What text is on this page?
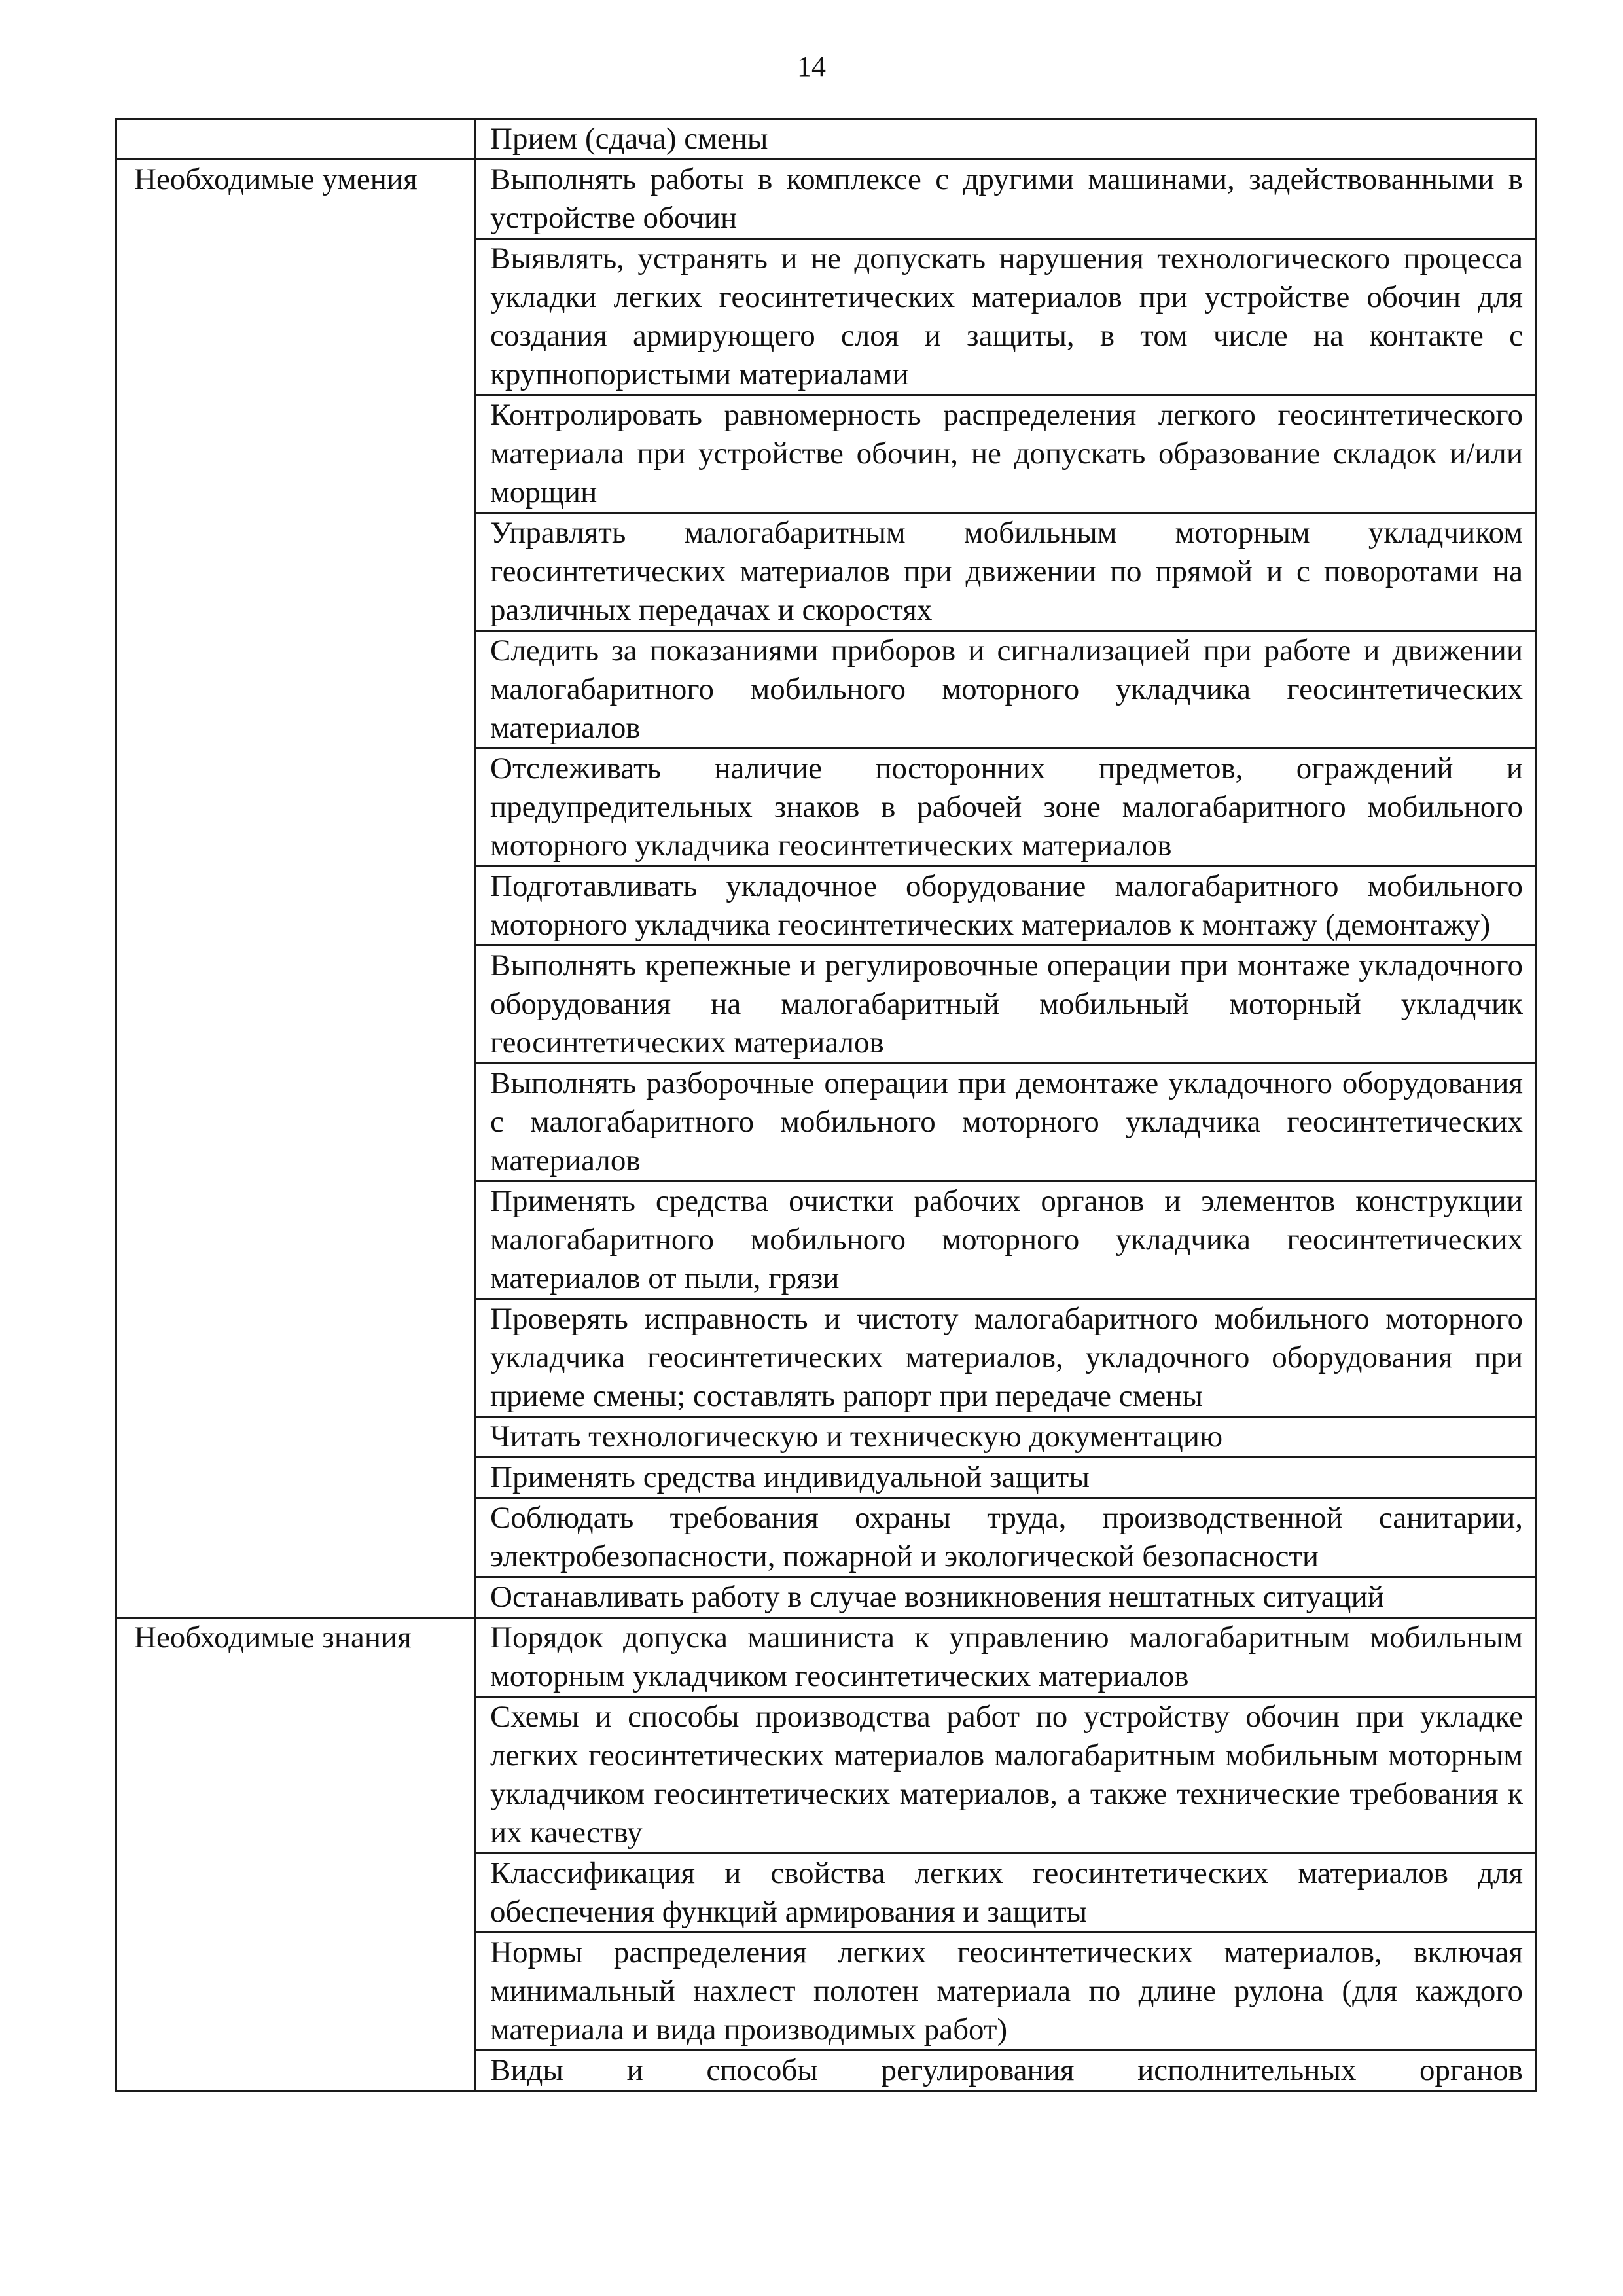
14
	Прием (сдача) смены
Необходимые умения	Выполнять работы в комплексе с другими машинами, задействованными в устройстве обочин
	Выявлять, устранять и не допускать нарушения технологического процесса укладки легких геосинтетических материалов при устройстве обочин для создания армирующего слоя и защиты, в том числе на контакте с крупнопористыми материалами
	Контролировать равномерность распределения легкого геосинтетического материала при устройстве обочин, не допускать образование складок и/или морщин
	Управлять малогабаритным мобильным моторным укладчиком геосинтетических материалов при движении по прямой и с поворотами на различных передачах и скоростях
	Следить за показаниями приборов и сигнализацией при работе и движении малогабаритного мобильного моторного укладчика геосинтетических материалов
	Отслеживать наличие посторонних предметов, ограждений и предупредительных знаков в рабочей зоне малогабаритного мобильного моторного укладчика геосинтетических материалов
	Подготавливать укладочное оборудование малогабаритного мобильного моторного укладчика геосинтетических материалов к монтажу (демонтажу)
	Выполнять крепежные и регулировочные операции при монтаже укладочного оборудования на малогабаритный мобильный моторный укладчик геосинтетических материалов
	Выполнять разборочные операции при демонтаже укладочного оборудования с малогабаритного мобильного моторного укладчика геосинтетических материалов
	Применять средства очистки рабочих органов и элементов конструкции малогабаритного мобильного моторного укладчика геосинтетических материалов от пыли, грязи
	Проверять исправность и чистоту малогабаритного мобильного моторного укладчика геосинтетических материалов, укладочного оборудования при приеме смены; составлять рапорт при передаче смены
	Читать технологическую и техническую документацию
	Применять средства индивидуальной защиты
	Соблюдать требования охраны труда, производственной санитарии, электробезопасности, пожарной и экологической безопасности
	Останавливать работу в случае возникновения нештатных ситуаций
Необходимые знания	Порядок допуска машиниста к управлению малогабаритным мобильным моторным укладчиком геосинтетических материалов
	Схемы и способы производства работ по устройству обочин при укладке легких геосинтетических материалов малогабаритным мобильным моторным укладчиком геосинтетических материалов, а также технические требования к их качеству
	Классификация и свойства легких геосинтетических материалов для обеспечения функций армирования и защиты
	Нормы распределения легких геосинтетических материалов, включая минимальный нахлест полотен материала по длине рулона (для каждого материала и вида производимых работ)
	Виды и способы регулирования исполнительных органов
